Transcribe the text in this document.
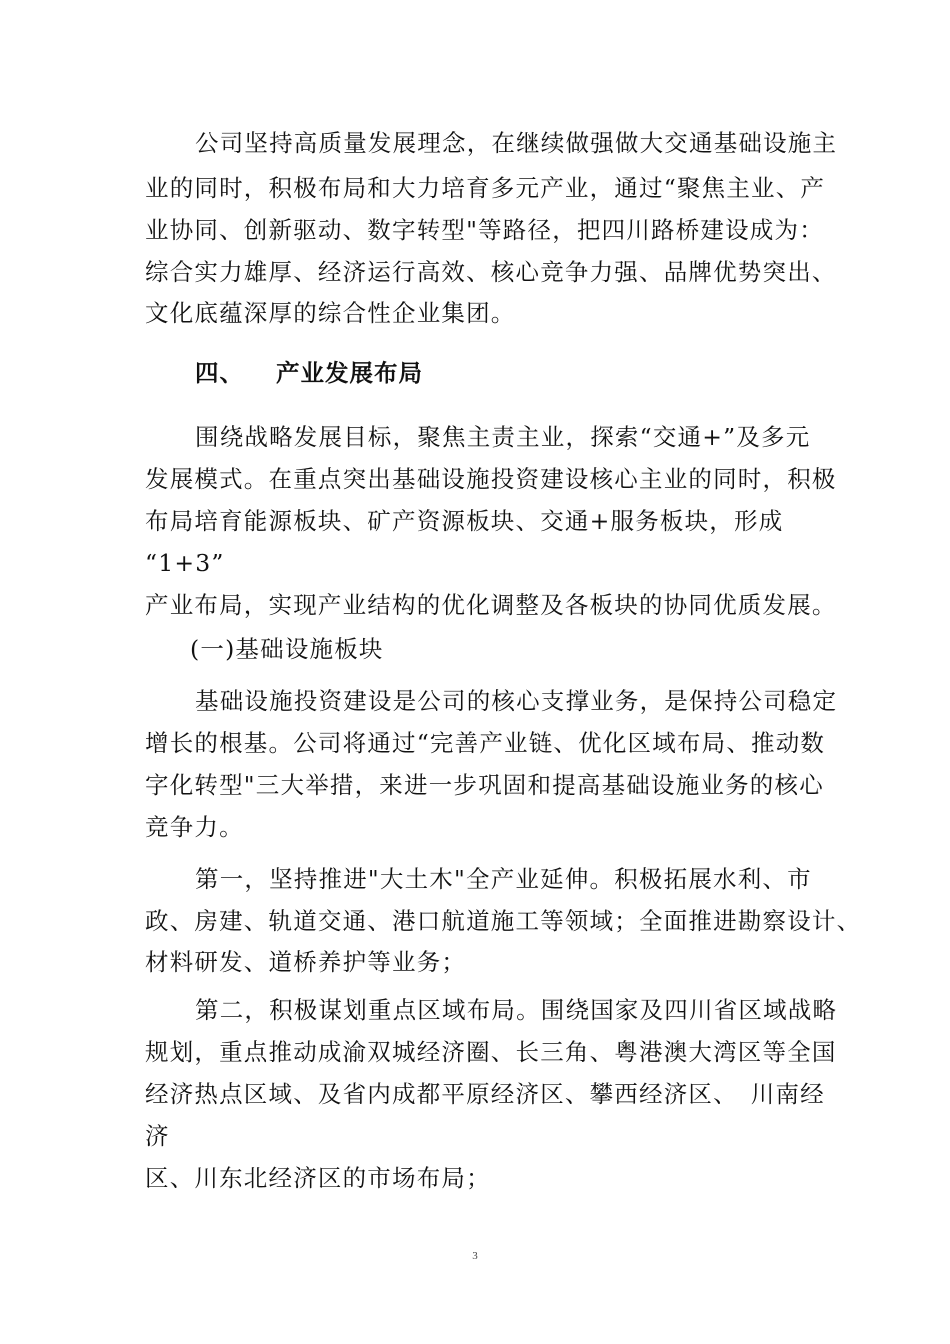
公司坚持高质量发展理念，在继续做强做大交通基础设施主
业的同时，积极布局和大力培育多元产业，通过“聚焦主业、产
业协同、创新驱动、数字转型"等路径，把四川路桥建设成为：
综合实力雄厚、经济运行高效、核心竞争力强、品牌优势突出、
文化底蕴深厚的综合性企业集团。
四、 产业发展布局
围绕战略发展目标，聚焦主责主业，探索“交通+”及多元
发展模式。在重点突出基础设施投资建设核心主业的同时，积极
布局培育能源板块、矿产资源板块、交通+服务板块，形成
“1+3”
产业布局，实现产业结构的优化调整及各板块的协同优质发展。
(一)基础设施板块
基础设施投资建设是公司的核心支撑业务，是保持公司稳定
增长的根基。公司将通过“完善产业链、优化区域布局、推动数
字化转型"三大举措，来进一步巩固和提高基础设施业务的核心
竞争力。
第一，坚持推进"大土木"全产业延伸。积极拓展水利、市
政、房建、轨道交通、港口航道施工等领域；全面推进勘察设计、
材料研发、道桥养护等业务；
第二，积极谋划重点区域布局。围绕国家及四川省区域战略
规划，重点推动成渝双城经济圈、长三角、粤港澳大湾区等全国
经济热点区域、及省内成都平原经济区、攀西经济区、　川南经
济
区、川东北经济区的市场布局；
3
